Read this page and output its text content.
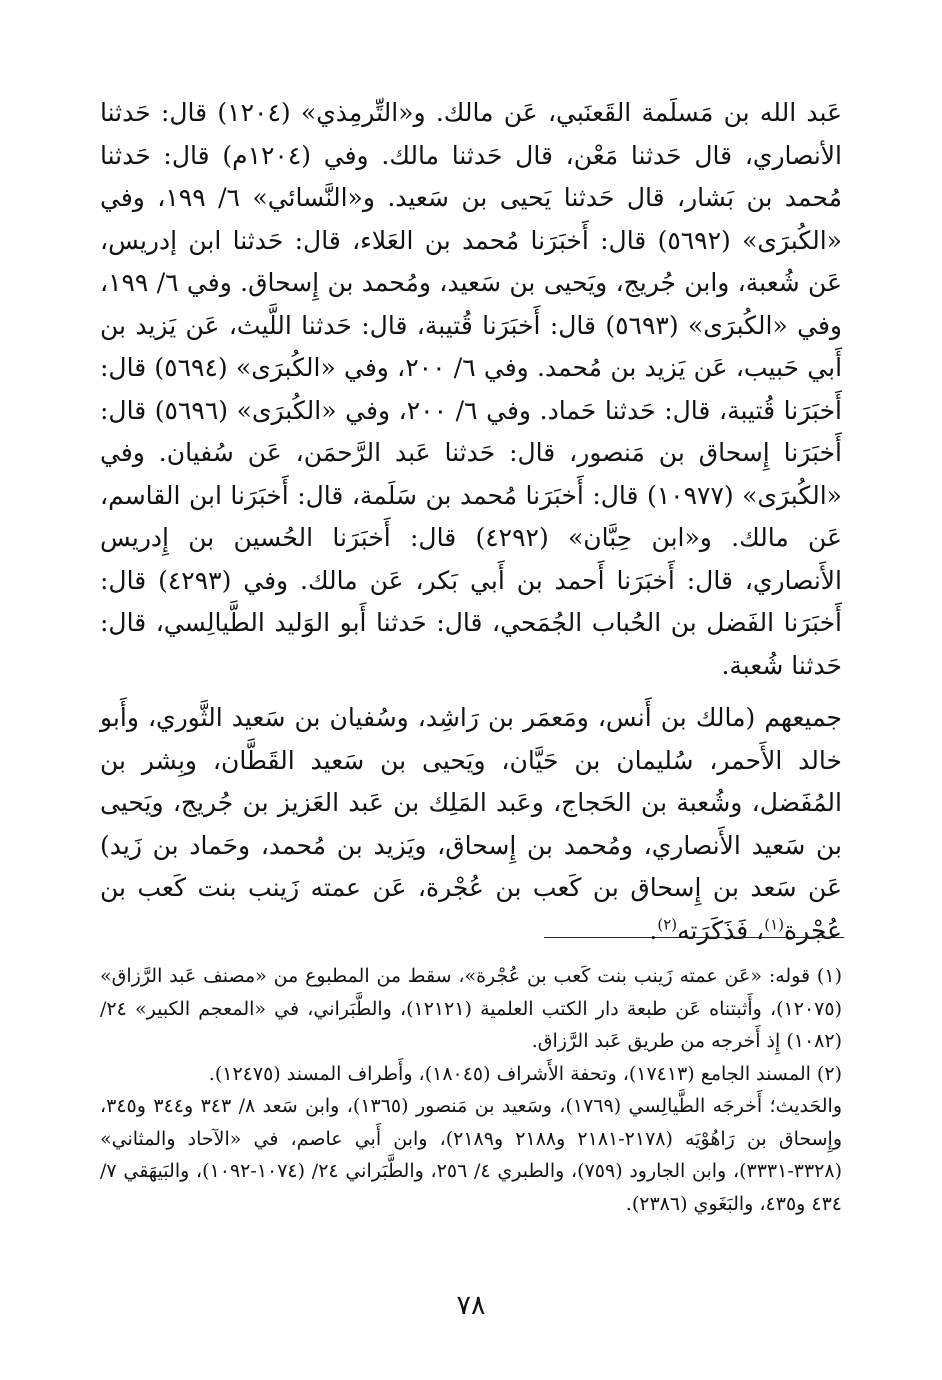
عَبد الله بن مَسلَمة القَعنَبي، عَن مالك. و«التِّرمِذي» (١٢٠٤) قال: حَدثنا الأنصاري، قال حَدثنا مَعْن، قال حَدثنا مالك. وفي (١٢٠٤م) قال: حَدثنا مُحمد بن بَشار، قال حَدثنا يَحيى بن سَعيد. و«النَّسائي» ٦/ ١٩٩، وفي «الكُبرَى» (٥٦٩٢) قال: أَخبَرَنا مُحمد بن العَلاء، قال: حَدثنا ابن إدريس، عَن شُعبة، وابن جُريج، ويَحيى بن سَعيد، ومُحمد بن إِسحاق. وفي ٦/ ١٩٩، وفي «الكُبرَى» (٥٦٩٣) قال: أَخبَرَنا قُتيبة، قال: حَدثنا اللَّيث، عَن يَزيد بن أَبي حَبيب، عَن يَزيد بن مُحمد. وفي ٦/ ٢٠٠، وفي «الكُبرَى» (٥٦٩٤) قال: أَخبَرَنا قُتيبة، قال: حَدثنا حَماد. وفي ٦/ ٢٠٠، وفي «الكُبرَى» (٥٦٩٦) قال: أَخبَرَنا إِسحاق بن مَنصور، قال: حَدثنا عَبد الرَّحمَن، عَن سُفيان. وفي «الكُبرَى» (١٠٩٧٧) قال: أَخبَرَنا مُحمد بن سَلَمة، قال: أَخبَرَنا ابن القاسم، عَن مالك. و«ابن حِبَّان» (٤٢٩٢) قال: أَخبَرَنا الحُسين بن إِدريس الأَنصاري، قال: أَخبَرَنا أَحمد بن أَبي بَكر، عَن مالك. وفي (٤٢٩٣) قال: أَخبَرَنا الفَضل بن الحُباب الجُمَحي، قال: حَدثنا أَبو الوَليد الطَّيالِسي، قال: حَدثنا شُعبة.

جميعهم (مالك بن أَنس، ومَعمَر بن رَاشِد، وسُفيان بن سَعيد الثَّوري، وأَبو خالد الأَحمر، سُليمان بن حَيَّان، ويَحيى بن سَعيد القَطَّان، وبِشر بن المُفَضل، وشُعبة بن الحَجاج، وعَبد المَلِك بن عَبد العَزيز بن جُريج، ويَحيى بن سَعيد الأَنصاري، ومُحمد بن إِسحاق، ويَزيد بن مُحمد، وحَماد بن زَيد) عَن سَعد بن إِسحاق بن كَعب بن عُجْرة، عَن عمته زَينب بنت كَعب بن عُجْرة$^{(١)}$، فَذَكَرَته$^{(٢)}$.

(١) قوله: «عَن عمته زَينب بنت كَعب بن عُجْرة»، سقط من المطبوع من «مصنف عَبد الرَّزاق» (١٢٠٧٥)، وأَثبتناه عَن طبعة دار الكتب العلمية (١٢١٢١)، والطَّبَراني، في «المعجم الكبير» ٢٤/ (١٠٨٢) إِذ أَخرجه من طريق عَبد الرَّزاق.

(٢) المسند الجامع (١٧٤١٣)، وتحفة الأَشراف (١٨٠٤٥)، وأَطراف المسند (١٢٤٧٥).

والحَديث؛ أَخرجَه الطَّيالِسي (١٧٦٩)، وسَعيد بن مَنصور (١٣٦٥)، وابن سَعد ٨/ ٣٤٣ و٣٤٤ و٣٤٥، وإِسحاق بن رَاهُوْيَه (٢١٧٨-٢١٨١ و٢١٨٨ و٢١٨٩)، وابن أَبي عاصم، في «الآحاد والمثاني» (٣٣٢٨-٣٣٣١)، وابن الجارود (٧٥٩)، والطبري ٤/ ٢٥٦، والطَّبَراني ٢٤/ (١٠٧٤-١٠٩٢)، والبَيهَقي ٧/ ٤٣٤ و٤٣٥، والبَغَوي (٢٣٨٦).

٧٨
